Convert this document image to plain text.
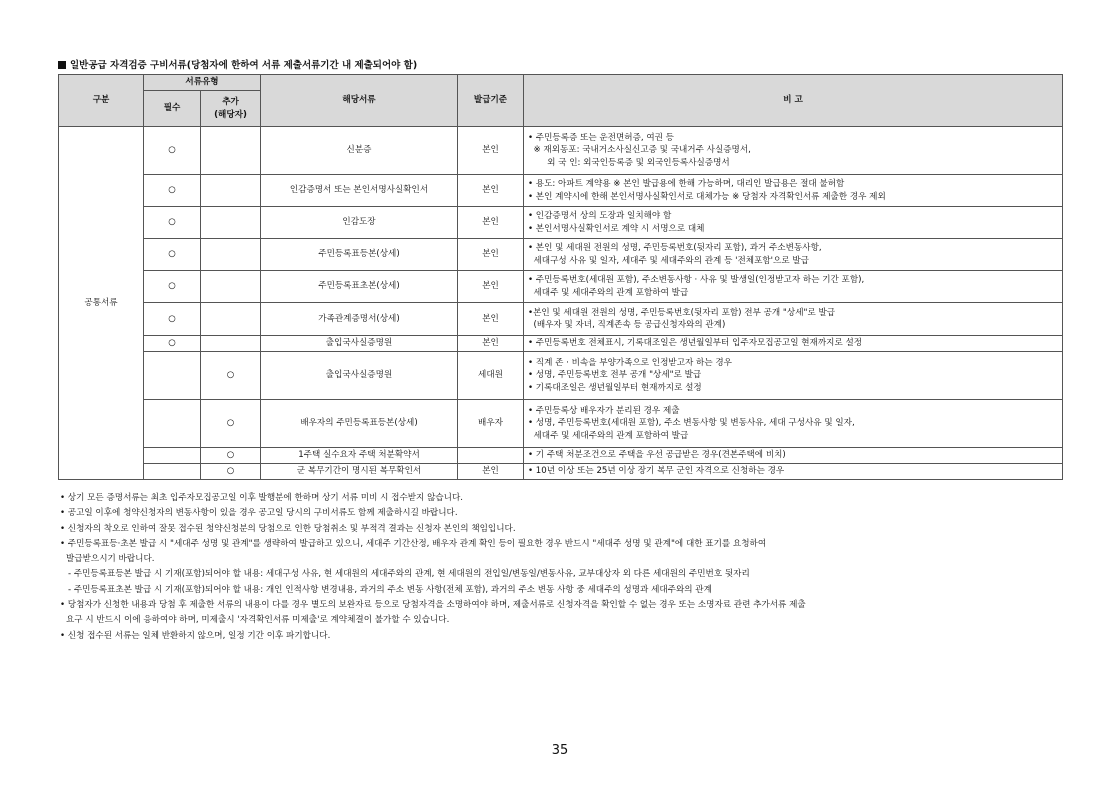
일반공급 자격검증 구비서류(당첨자에 한하여 서류 제출서류기간 내 제출되어야 함)
구분	서류유형		해당서류	발급기준	비 고
	필수	추가
(해당자)			

공통서류	○		신분증	본인	• 주민등록증 또는 운전면허증, 여권 등
※ 재외동포: 국내거소사실신고증 및 국내거주 사실증명서,
외 국 인: 외국인등록증 및 외국인등록사실증명서

	○		인감증명서 또는 본인서명사실확인서	본인	• 용도: 아파트 계약용 ※ 본인 발급용에 한해 가능하며, 대리인 발급용은 절대 불허함
• 본인 계약시에 한해 본인서명사실확인서로 대체가능 ※ 당첨자 자격확인서류 제출한 경우 제외

	○		인감도장	본인	• 인감증명서 상의 도장과 일치해야 함
• 본인서명사실확인서로 계약 시 서명으로 대체

	○		주민등록표등본(상세)	본인	• 본인 및 세대원 전원의 성명, 주민등록번호(뒷자리 포함), 과거 주소변동사항,
세대구성 사유 및 일자, 세대주 및 세대주와의 관계 등 '전체포함'으로 발급

	○		주민등록표초본(상세)	본인	• 주민등록번호(세대원 포함), 주소변동사항 · 사유 및 발생일(인정받고자 하는 기간 포함),
세대주 및 세대주와의 관계 포함하여 발급

	○		가족관계증명서(상세)	본인	•본인 및 세대원 전원의 성명, 주민등록번호(뒷자리 포함) 전부 공개 "상세"로 발급
(배우자 및 자녀, 직계존속 등 공급신청자와의 관계)

	○		출입국사실증명원	본인	• 주민등록번호 전체표시, 기록대조일은 생년월일부터 입주자모집공고일 현재까지로 설정

		○	출입국사실증명원	세대원	• 직계 존 · 비속을 부양가족으로 인정받고자 하는 경우
• 성명, 주민등록번호 전부 공개 "상세"로 발급
• 기록대조일은 생년월일부터 현재까지로 설정

		○	배우자의 주민등록표등본(상세)	배우자	• 주민등록상 배우자가 분리된 경우 제출
• 성명, 주민등록번호(세대원 포함), 주소 변동사항 및 변동사유, 세대 구성사유 및 일자,
세대주 및 세대주와의 관계 포함하여 발급

		○	1주택 실수요자 주택 처분확약서		• 기 주택 처분조건으로 주택을 우선 공급받은 경우(견본주택에 비치)

		○	군 복무기간이 명시된 복무확인서	본인	• 10년 이상 또는 25년 이상 장기 복무 군인 자격으로 신청하는 경우
• 상기 모든 증명서류는 최초 입주자모집공고일 이후 발행분에 한하며 상기 서류 미비 시 접수받지 않습니다.
• 공고일 이후에 청약신청자의 변동사항이 있을 경우 공고일 당시의 구비서류도 함께 제출하시길 바랍니다.
• 신청자의 착오로 인하여 잘못 접수된 청약신청분의 당첨으로 인한 당첨취소 및 부적격 결과는 신청자 본인의 책임입니다.
• 주민등록표등·초본 발급 시 "세대주 성명 및 관계"를 생략하여 발급하고 있으니, 세대주 기간산정, 배우자 관계 확인 등이 필요한 경우 반드시 "세대주 성명 및 관계"에 대한 표기를 요청하여
발급받으시기 바랍니다.
- 주민등록표등본 발급 시 기재(포함)되어야 할 내용: 세대구성 사유, 현 세대원의 세대주와의 관계, 현 세대원의 전입일/변동일/변동사유, 교부대상자 외 다른 세대원의 주민번호 뒷자리
- 주민등록표초본 발급 시 기재(포함)되어야 할 내용: 개인 인적사항 변경내용, 과거의 주소 변동 사항(전체 포함), 과거의 주소 변동 사항 중 세대주의 성명과 세대주와의 관계
• 당첨자가 신청한 내용과 당첨 후 제출한 서류의 내용이 다를 경우 별도의 보완자료 등으로 당첨자격을 소명하여야 하며, 제출서류로 신청자격을 확인할 수 없는 경우 또는 소명자료 관련 추가서류 제출
요구 시 반드시 이에 응하여야 하며, 미제출시 '자격확인서류 미제출'로 계약체결이 불가할 수 있습니다.
• 신청 접수된 서류는 일체 반환하지 않으며, 일정 기간 이후 파기합니다.
35
